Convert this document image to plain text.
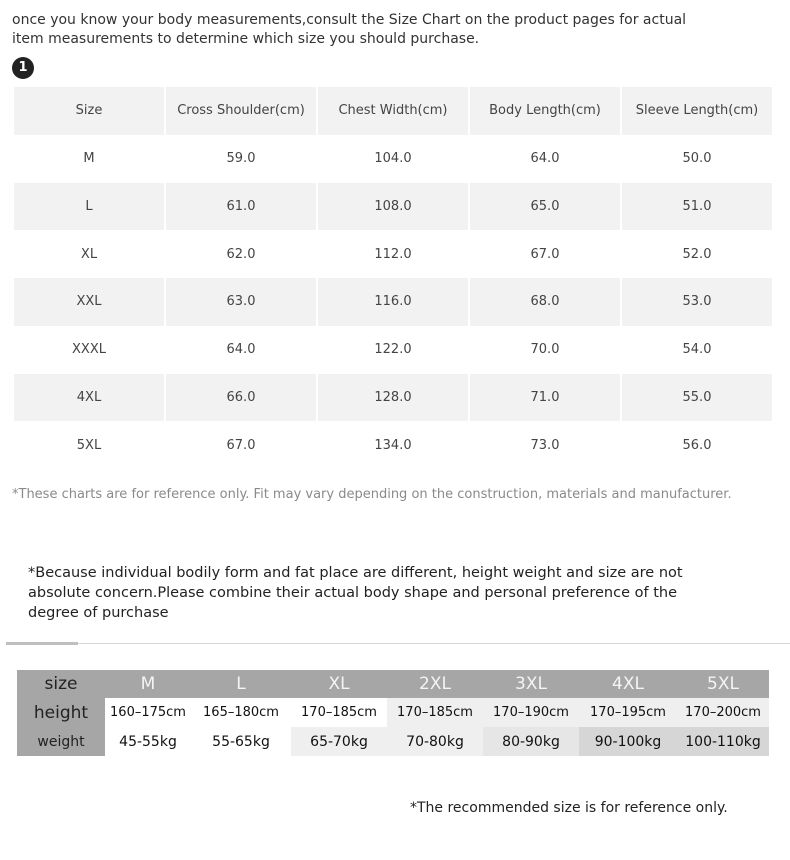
once you know your body measurements,consult the Size Chart on the product pages for actual item measurements to determine which size you should purchase.
1
Size	Cross Shoulder(cm)	Chest Width(cm)	Body Length(cm)	Sleeve Length(cm)
M	59.0	104.0	64.0	50.0
L	61.0	108.0	65.0	51.0
XL	62.0	112.0	67.0	52.0
XXL	63.0	116.0	68.0	53.0
XXXL	64.0	122.0	70.0	54.0
4XL	66.0	128.0	71.0	55.0
5XL	67.0	134.0	73.0	56.0
*These charts are for reference only. Fit may vary depending on the construction, materials and manufacturer.
*Because individual bodily form and fat place are different, height weight and size are not absolute concern.Please combine their actual body shape and personal preference of the degree of purchase
size	M	L	XL	2XL	3XL	4XL	5XL
height	160–175cm	165–180cm	170–185cm	170–185cm	170–190cm	170–195cm	170–200cm
weight	45-55kg	55-65kg	65-70kg	70-80kg	80-90kg	90-100kg	100-110kg
*The recommended size is for reference only.
